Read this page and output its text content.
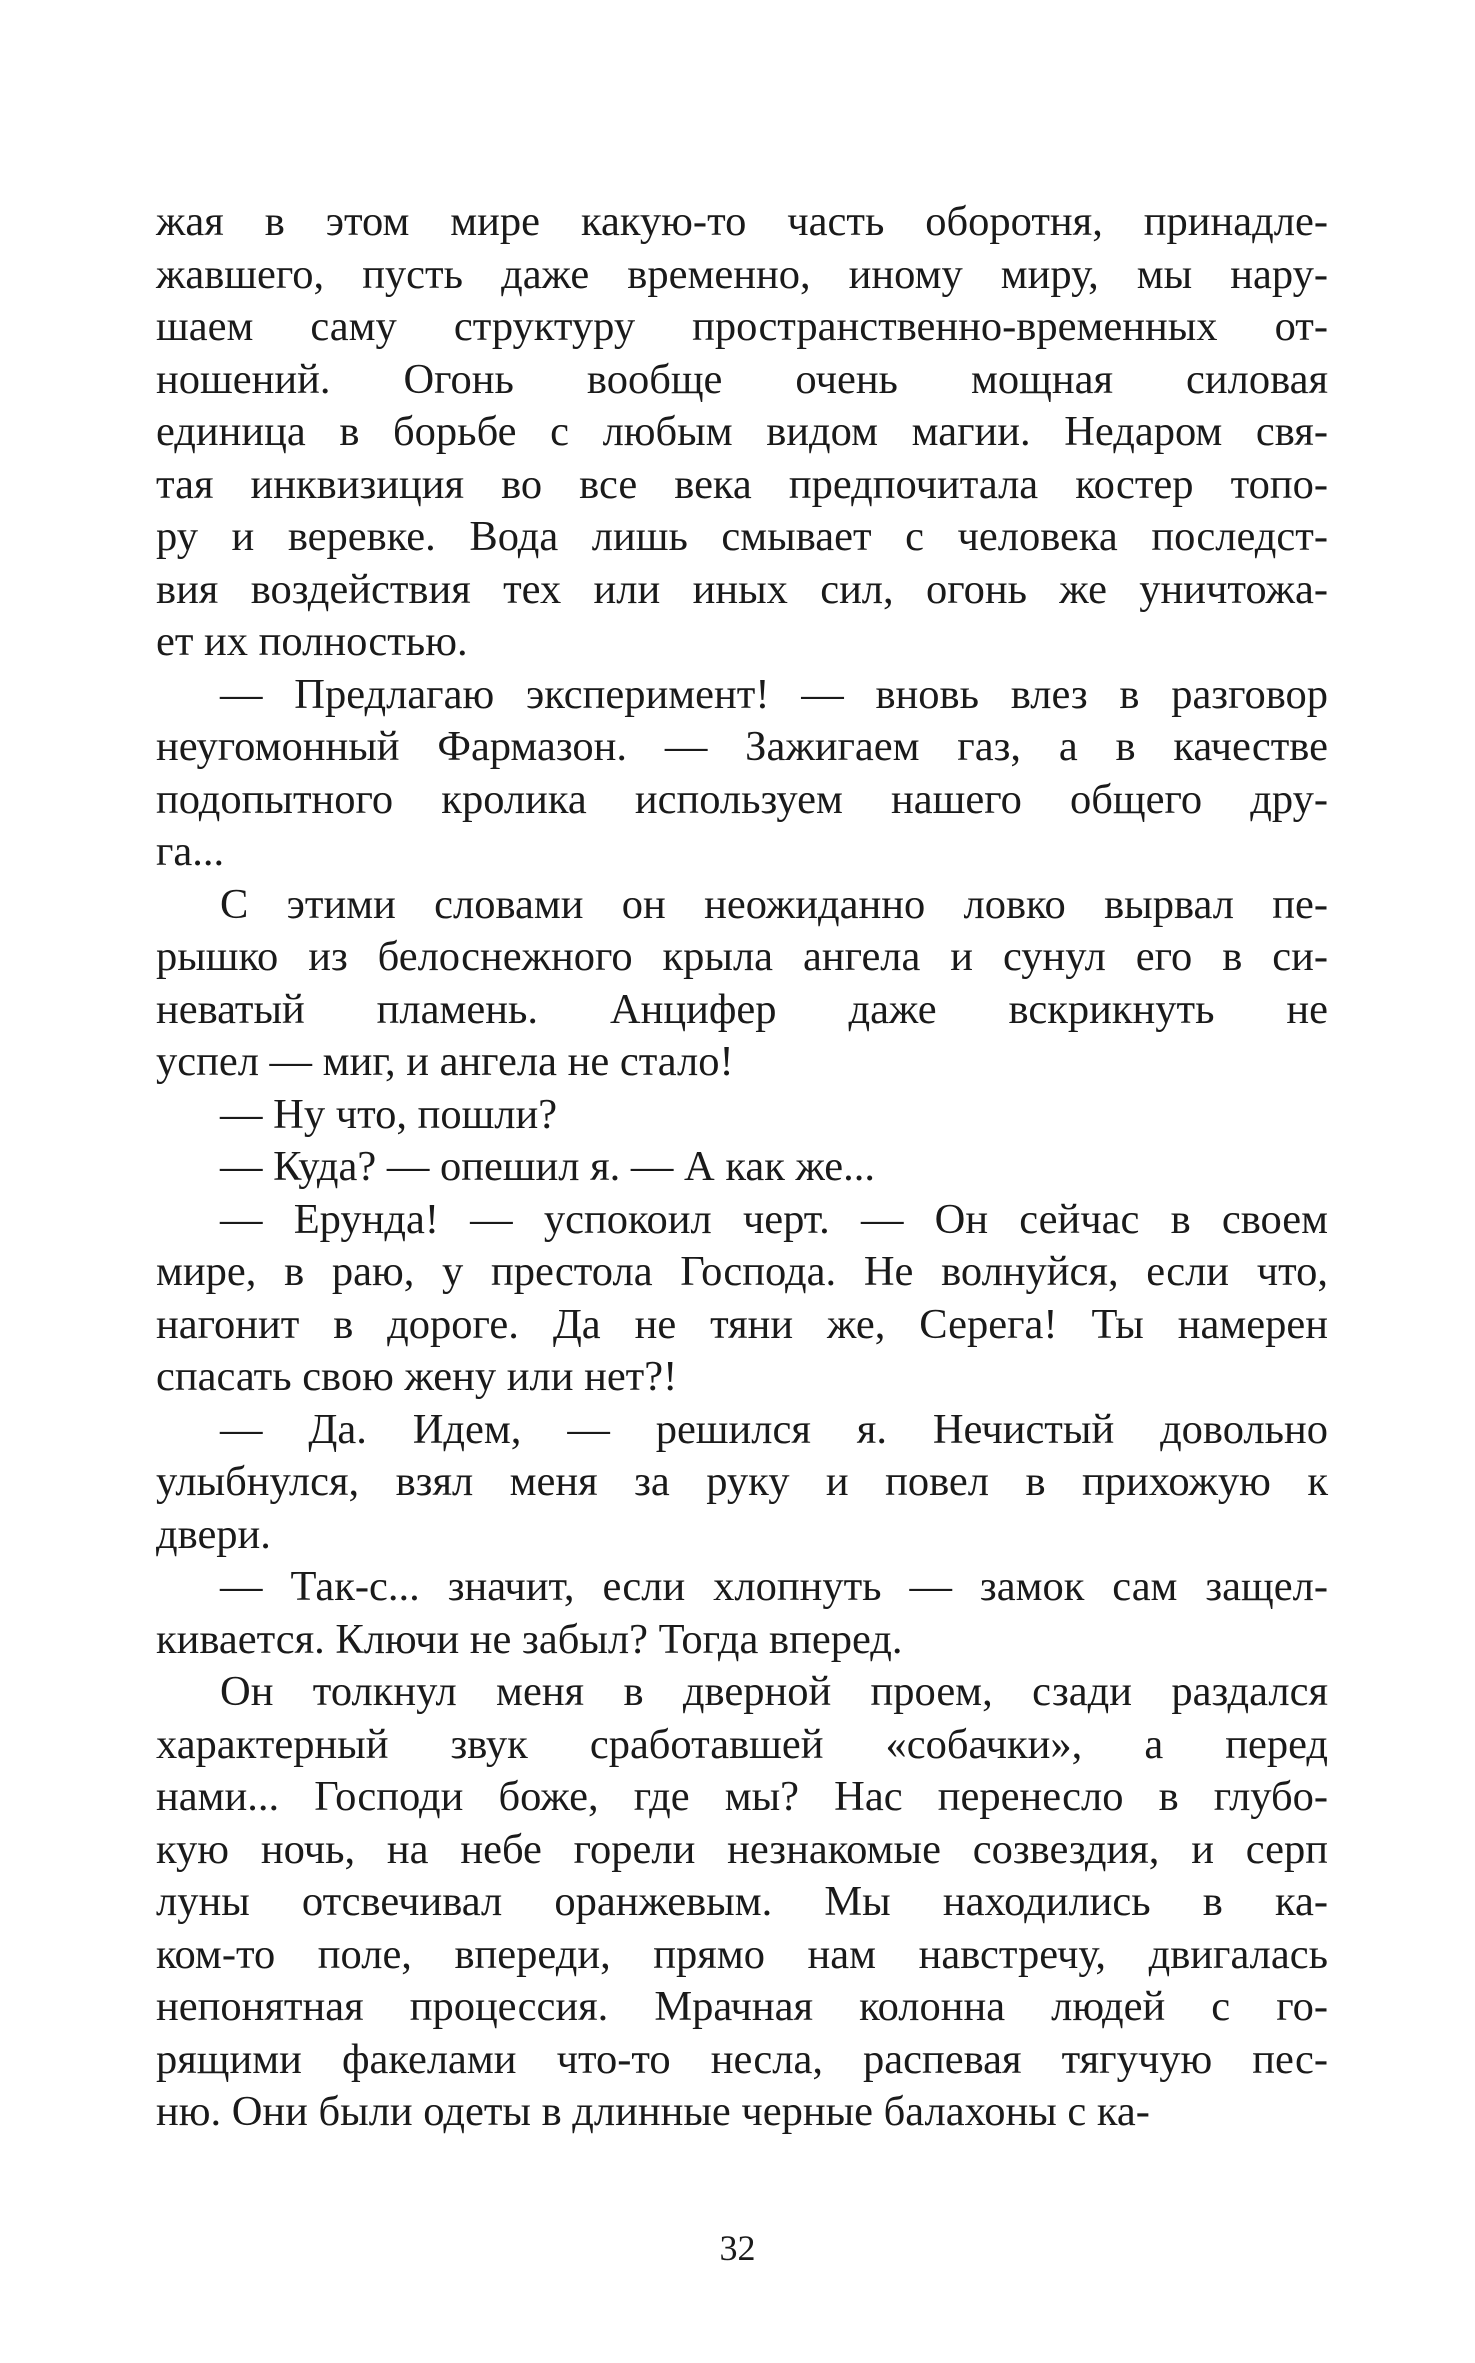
жая в этом мире какую-то часть оборотня, принадле-
жавшего, пусть даже временно, иному миру, мы нару-
шаем саму структуру пространственно-временных от-
ношений. Огонь вообще очень мощная силовая
единица в борьбе с любым видом магии. Недаром свя-
тая инквизиция во все века предпочитала костер топо-
ру и веревке. Вода лишь смывает с человека последст-
вия воздействия тех или иных сил, огонь же уничтожа-
ет их полностью.
— Предлагаю эксперимент! — вновь влез в разговор
неугомонный Фармазон. — Зажигаем газ, а в качестве
подопытного кролика используем нашего общего дру-
га...
С этими словами он неожиданно ловко вырвал пе-
рышко из белоснежного крыла ангела и сунул его в си-
неватый пламень. Анцифер даже вскрикнуть не
успел — миг, и ангела не стало!
— Ну что, пошли?
— Куда? — опешил я. — А как же...
— Ерунда! — успокоил черт. — Он сейчас в своем
мире, в раю, у престола Господа. Не волнуйся, если что,
нагонит в дороге. Да не тяни же, Серега! Ты намерен
спасать свою жену или нет?!
— Да. Идем, — решился я. Нечистый довольно
улыбнулся, взял меня за руку и повел в прихожую к
двери.
— Так-с... значит, если хлопнуть — замок сам защел-
кивается. Ключи не забыл? Тогда вперед.
Он толкнул меня в дверной проем, сзади раздался
характерный звук сработавшей «собачки», а перед
нами... Господи боже, где мы? Нас перенесло в глубо-
кую ночь, на небе горели незнакомые созвездия, и серп
луны отсвечивал оранжевым. Мы находились в ка-
ком-то поле, впереди, прямо нам навстречу, двигалась
непонятная процессия. Мрачная колонна людей с го-
рящими факелами что-то несла, распевая тягучую пес-
ню. Они были одеты в длинные черные балахоны с ка-
32
